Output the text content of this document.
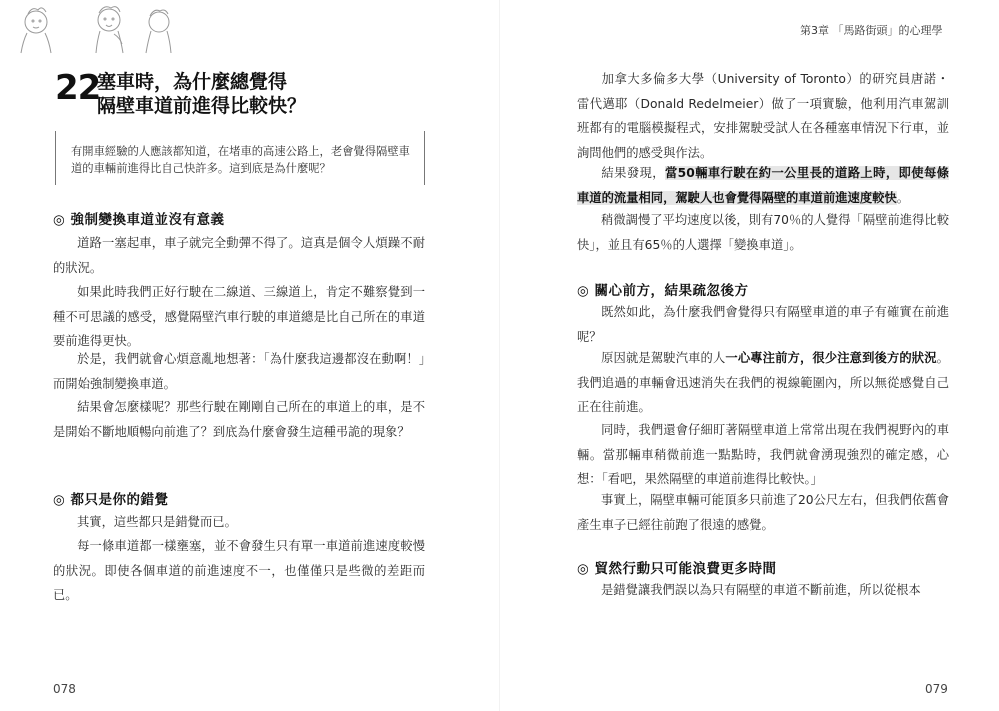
22
塞車時，為什麼總覺得
隔壁車道前進得比較快？
有開車經驗的人應該都知道，在堵車的高速公路上，老會覺得隔壁車道的車輛前進得比自己快許多。這到底是為什麼呢？
◎ 強制變換車道並沒有意義
道路一塞起車，車子就完全動彈不得了。這真是個令人煩躁不耐的狀況。
如果此時我們正好行駛在二線道、三線道上，肯定不難察覺到一種不可思議的感受，感覺隔壁汽車行駛的車道總是比自己所在的車道要前進得更快。
於是，我們就會心煩意亂地想著：「為什麼我這邊都沒在動啊！」而開始強制變換車道。
結果會怎麼樣呢？那些行駛在剛剛自己所在的車道上的車，是不是開始不斷地順暢向前進了？到底為什麼會發生這種弔詭的現象？
◎ 都只是你的錯覺
其實，這些都只是錯覺而已。
每一條車道都一樣壅塞，並不會發生只有單一車道前進速度較慢的狀況。即使各個車道的前進速度不一，也僅僅只是些微的差距而已。
078
第3章 「馬路街頭」的心理學
加拿大多倫多大學（University of Toronto）的研究員唐諾・雷代邁耶（Donald Redelmeier）做了一項實驗，他利用汽車駕訓班都有的電腦模擬程式，安排駕駛受試人在各種塞車情況下行車，並詢問他們的感受與作法。
結果發現，當50輛車行駛在約一公里長的道路上時，即使每條車道的流量相同，駕駛人也會覺得隔壁的車道前進速度較快。
稍微調慢了平均速度以後，則有70％的人覺得「隔壁前進得比較快」，並且有65％的人選擇「變換車道」。
◎ 關心前方，結果疏忽後方
既然如此，為什麼我們會覺得只有隔壁車道的車子有確實在前進呢？
原因就是駕駛汽車的人一心專注前方，很少注意到後方的狀況。我們追過的車輛會迅速消失在我們的視線範圍內，所以無從感覺自己正在往前進。
同時，我們還會仔細盯著隔壁車道上常常出現在我們視野內的車輛。當那輛車稍微前進一點點時，我們就會湧現強烈的確定感，心想：「看吧，果然隔壁的車道前進得比較快。」
事實上，隔壁車輛可能頂多只前進了20公尺左右，但我們依舊會產生車子已經往前跑了很遠的感覺。
◎ 貿然行動只可能浪費更多時間
是錯覺讓我們誤以為只有隔壁的車道不斷前進，所以從根本
079
